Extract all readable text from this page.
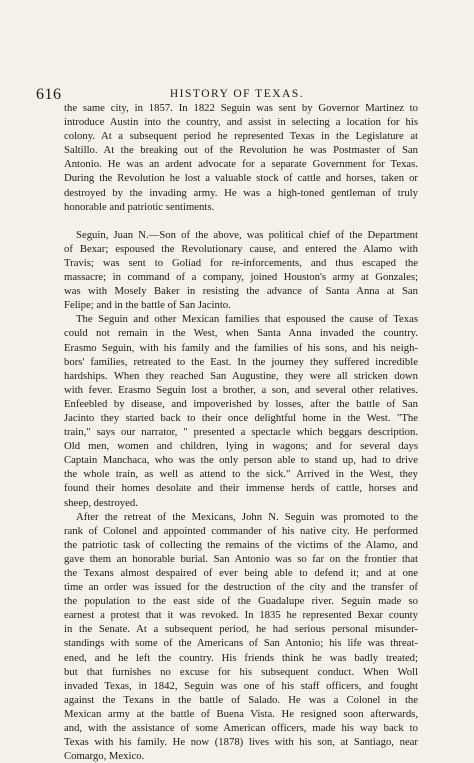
616	HISTORY OF TEXAS.

the same city, in 1857. In 1822 Seguin was sent by Governor Martinez to
introduce Austin into the country, and assist in selecting a location for his
colony. At a subsequent period he represented Texas in the Legislature at
Saltillo. At the breaking out of the Revolution he was Postmaster of San
Antonio. He was an ardent advocate for a separate Government for Texas.
During the Revolution he lost a valuable stock of cattle and horses, taken or
destroyed by the invading army. He was a high-toned gentleman of truly
honorable and patriotic sentiments.

Seguin, Juan N.—Son of the above, was political chief of the Department
of Bexar; espoused the Revolutionary cause, and entered the Alamo with
Travis; was sent to Goliad for re-inforcements, and thus escaped the
massacre; in command of a company, joined Houston's army at Gonzales;
was with Mosely Baker in resisting the advance of Santa Anna at San
Felipe; and in the battle of San Jacinto.

The Seguin and other Mexican families that espoused the cause of Texas
could not remain in the West, when Santa Anna invaded the country.
Erasmo Seguin, with his family and the families of his sons, and his neigh-
bors' families, retreated to the East. In the journey they suffered incredible
hardships. When they reached San Augustine, they were all stricken down
with fever. Erasmo Seguin lost a brother, a son, and several other relatives.
Enfeebled by disease, and impoverished by losses, after the battle of San
Jacinto they started back to their once delightful home in the West. "The
train," says our narrator, " presented a spectacle which beggars description.
Old men, women and children, lying in wagons; and for several days
Captain Manchaca, who was the only person able to stand up, had to drive
the whole train, as well as attend to the sick." Arrived in the West, they
found their homes desolate and their immense herds of cattle, horses and
sheep, destroyed.

After the retreat of the Mexicans, John N. Seguin was promoted to the
rank of Colonel and appointed commander of his native city. He performed
the patriotic task of collecting the remains of the victims of the Alamo, and
gave them an honorable burial. San Antonio was so far on the frontier that
the Texans almost despaired of ever being able to defend it; and at one
time an order was issued for the destruction of the city and the transfer of
the population to the east side of the Guadalupe river. Seguin made so
earnest a protest that it was revoked. In 1835 he represented Bexar county
in the Senate. At a subsequent period, he had serious personal misunder-
standings with some of the Americans of San Antonio; his life was threat-
ened, and he left the country. His friends think he was badly treated;
but that furnishes no excuse for his subsequent conduct. When Woll
invaded Texas, in 1842, Seguin was one of his staff officers, and fought
against the Texans in the battle of Salado. He was a Colonel in the
Mexican army at the battle of Buena Vista. He resigned soon afterwards,
and, with the assistance of some American officers, made his way back to
Texas with his family. He now (1878) lives with his son, at Santiago, near
Comargo, Mexico.
